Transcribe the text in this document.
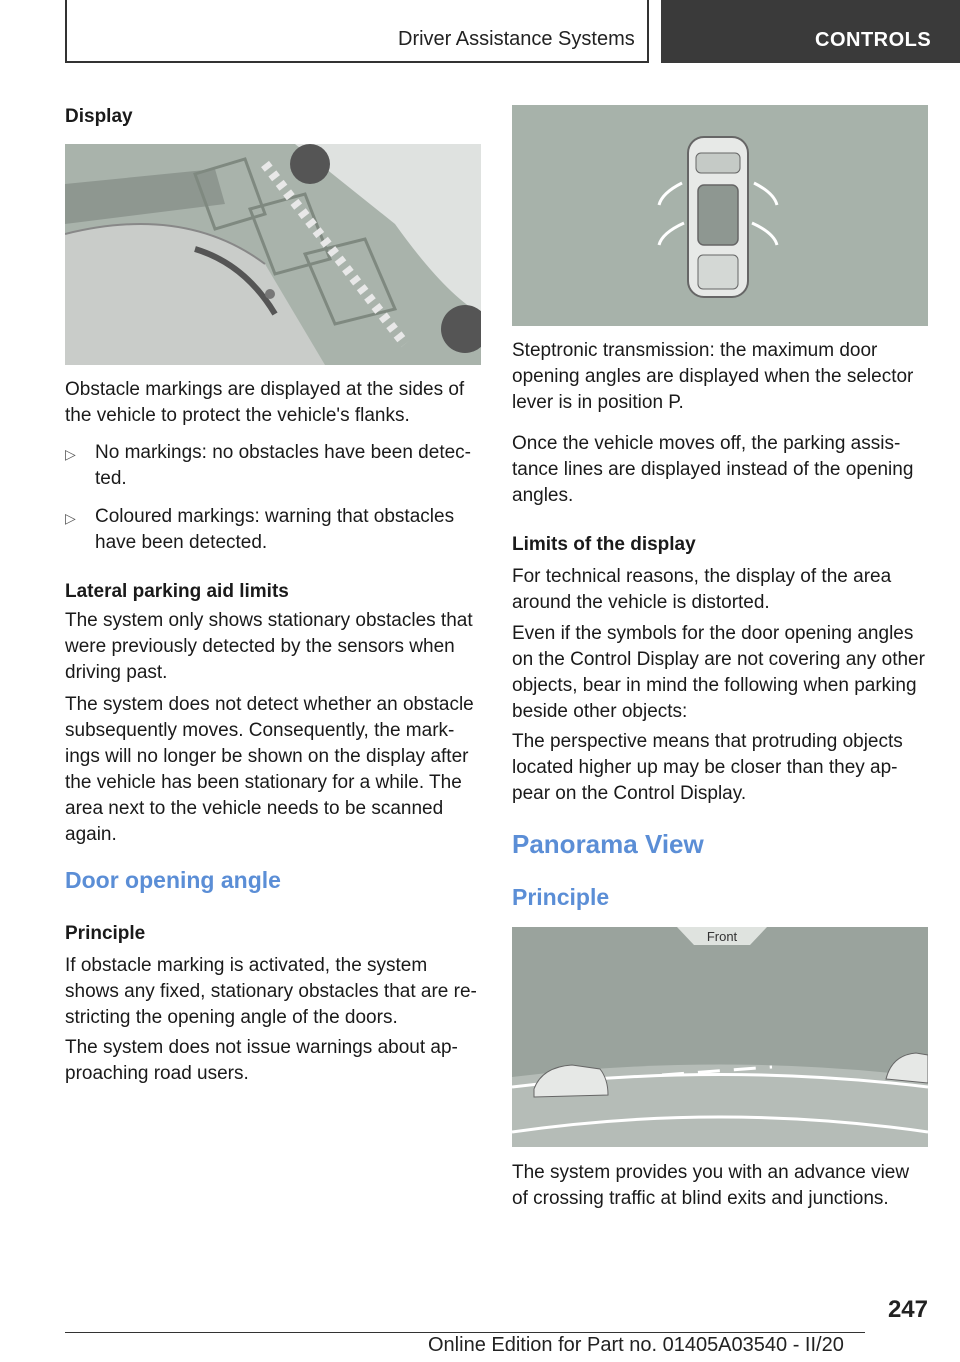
Driver Assistance Systems	CONTROLS
Display

Obstacle markings are displayed at the sides of the vehicle to protect the vehicle's flanks.

▷	No markings: no obstacles have been detec-ted.
▷	Coloured markings: warning that obstacles have been detected.
Lateral parking aid limits

The system only shows stationary obstacles that were previously detected by the sensors when driving past.

The system does not detect whether an obstacle subsequently moves. Consequently, the mark-ings will no longer be shown on the display after the vehicle has been stationary for a while. The area next to the vehicle needs to be scanned again.

Door opening angle
Principle

If obstacle marking is activated, the system shows any fixed, stationary obstacles that are re-stricting the opening angle of the doors.

The system does not issue warnings about ap-proaching road users.

Steptronic transmission: the maximum door opening angles are displayed when the selector lever is in position P.

Once the vehicle moves off, the parking assis-tance lines are displayed instead of the opening angles.

Limits of the display

For technical reasons, the display of the area around the vehicle is distorted.

Even if the symbols for the door opening angles on the Control Display are not covering any other objects, bear in mind the following when parking beside other objects:

The perspective means that protruding objects located higher up may be closer than they ap-pear on the Control Display.

Panorama View
Principle
Front

The system provides you with an advance view of crossing traffic at blind exits and junctions.

247
Online Edition for Part no. 01405A03540 - II/20
